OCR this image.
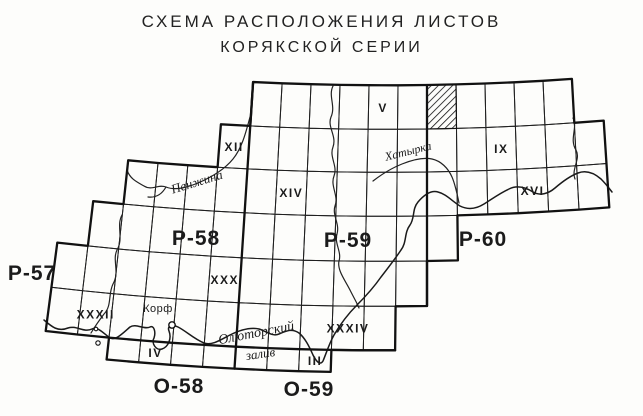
СХЕМА РАСПОЛОЖЕНИЯ ЛИСТОВ
КОРЯКСКОЙ СЕРИИ
V
XII	IX
XIV	XVI
XXX
XXXII
XXXIV
IV
III
Р-57
Р-58	Р-59	Р-60
О-58	О-59
Пенжина
Хатырка
Олюторский
залив
Корф
